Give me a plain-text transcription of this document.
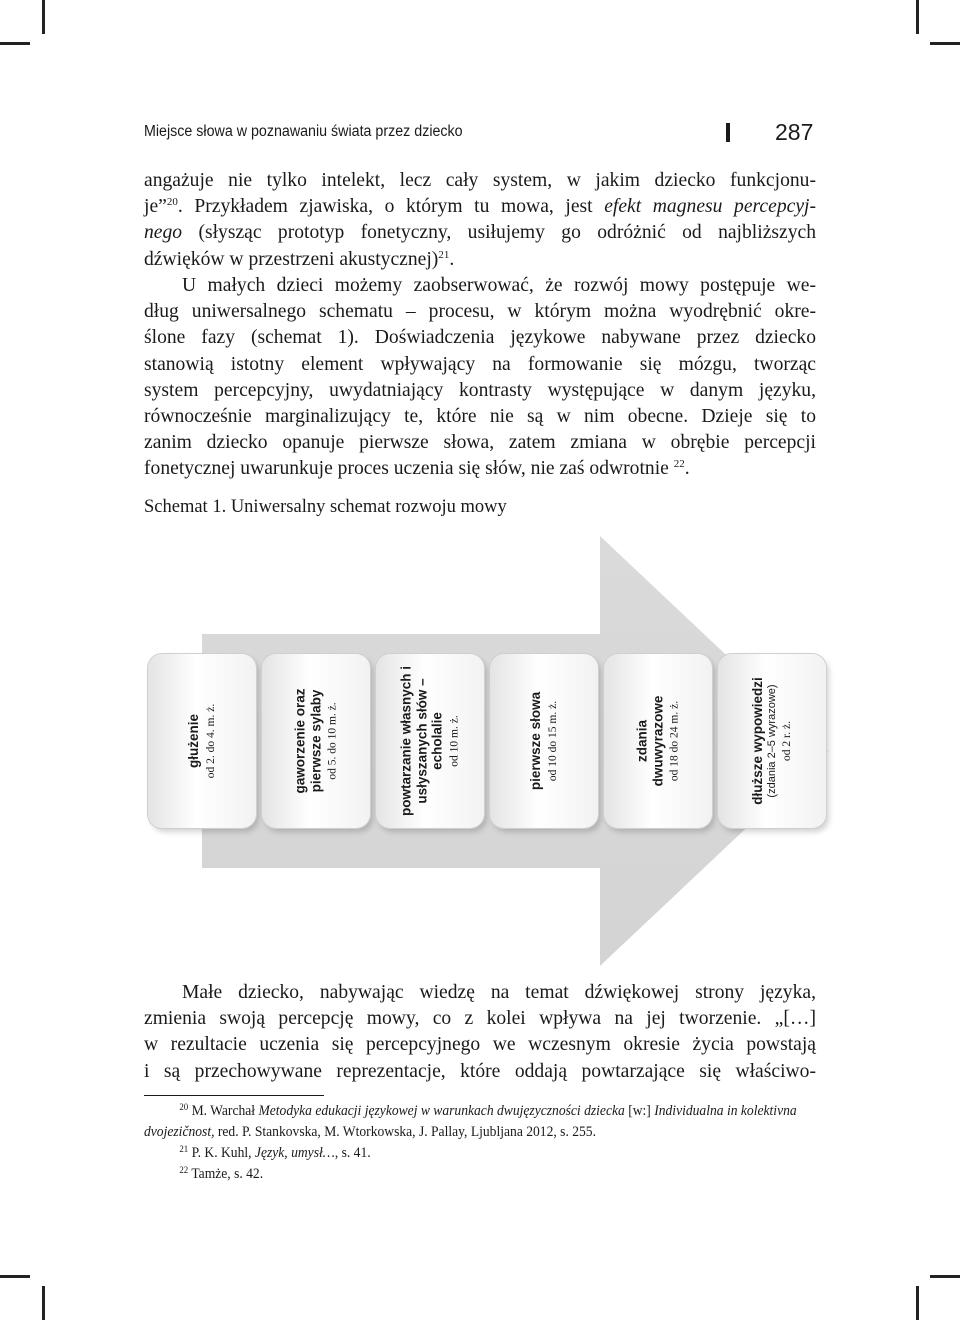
Miejsce słowa w poznawaniu świata przez dziecko	287
angażuje nie tylko intelekt, lecz cały system, w jakim dziecko funkcjonu-
je”$^{20}$. Przykładem zjawiska, o którym tu mowa, jest efekt magnesu percepcyj-
nego (słysząc prototyp fonetyczny, usiłujemy go odróżnić od najbliższych
dźwięków w przestrzeni akustycznej)$^{21}$.
U małych dzieci możemy zaobserwować, że rozwój mowy postępuje we-
dług uniwersalnego schematu – procesu, w którym można wyodrębnić okre-
ślone fazy (schemat 1). Doświadczenia językowe nabywane przez dziecko
stanowią istotny element wpływający na formowanie się mózgu, tworząc
system percepcyjny, uwydatniający kontrasty występujące w danym języku,
równocześnie marginalizujący te, które nie są w nim obecne. Dzieje się to
zanim dziecko opanuje pierwsze słowa, zatem zmiana w obrębie percepcji
fonetycznej uwarunkuje proces uczenia się słów, nie zaś odwrotnie $^{22}$.
Schemat 1. Uniwersalny schemat rozwoju mowy
głużenie od 2. do 4. m. ż.	gaworzenie oraz pierwsze sylaby od 5. do 10 m. ż.	powtarzanie własnych i usłyszanych słów – echolalie od 10 m. ż.	pierwsze słowa od 10 do 15 m. ż.	zdania dwuwyrazowe od 18 do 24 m. ż.	dłuższe wypowiedzi (zdania 2–5 wyrazowe) od 2 r. ż.
Małe dziecko, nabywając wiedzę na temat dźwiękowej strony języka,
zmienia swoją percepcję mowy, co z kolei wpływa na jej tworzenie. „[…]
w rezultacie uczenia się percepcyjnego we wczesnym okresie życia powstają
i są przechowywane reprezentacje, które oddają powtarzające się właściwo-
$^{20}$ M. Warchał Metodyka edukacji językowej w warunkach dwujęzyczności dziecka [w:] Individualna in kolektivna
dvojezičnost, red. P. Stankovska, M. Wtorkowska, J. Pallay, Ljubljana 2012, s. 255.
$^{21}$ P. K. Kuhl, Język, umysł…, s. 41.
$^{22}$ Tamże, s. 42.
